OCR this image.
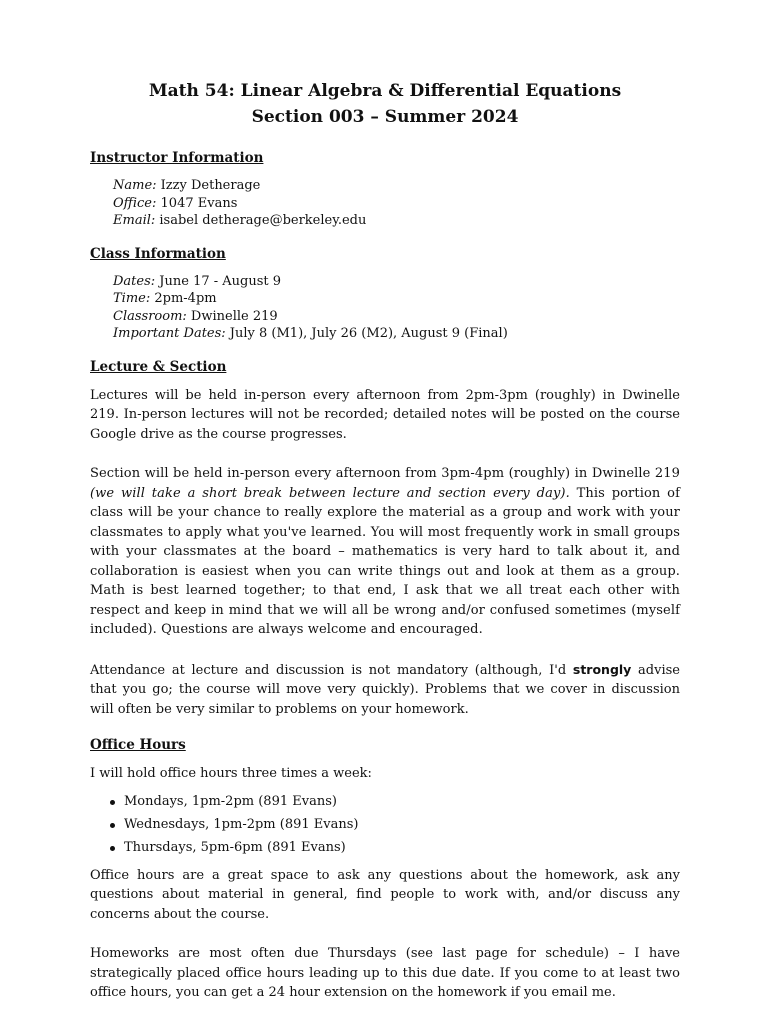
Math 54: Linear Algebra & Differential Equations
Section 003 – Summer 2024
Instructor Information
Name: Izzy Detherage
Office: 1047 Evans
Email: isabel detherage@berkeley.edu
Class Information
Dates: June 17 - August 9
Time: 2pm-4pm
Classroom: Dwinelle 219
Important Dates: July 8 (M1), July 26 (M2), August 9 (Final)
Lecture & Section

Lectures will be held in-person every afternoon from 2pm-3pm (roughly) in Dwinelle 219. In-person lectures will not be recorded; detailed notes will be posted on the course Google drive as the course progresses.

Section will be held in-person every afternoon from 3pm-4pm (roughly) in Dwinelle 219 (we will take a short break between lecture and section every day). This portion of class will be your chance to really explore the material as a group and work with your classmates to apply what you've learned. You will most frequently work in small groups with your classmates at the board – mathematics is very hard to talk about it, and collaboration is easiest when you can write things out and look at them as a group. Math is best learned together; to that end, I ask that we all treat each other with respect and keep in mind that we will all be wrong and/or confused sometimes (myself included). Questions are always welcome and encouraged.

Attendance at lecture and discussion is not mandatory (although, I'd strongly advise that you go; the course will move very quickly). Problems that we cover in discussion will often be very similar to problems on your homework.

Office Hours

I will hold office hours three times a week:

Mondays, 1pm-2pm (891 Evans)
Wednesdays, 1pm-2pm (891 Evans)
Thursdays, 5pm-6pm (891 Evans)

Office hours are a great space to ask any questions about the homework, ask any questions about material in general, find people to work with, and/or discuss any concerns about the course.

Homeworks are most often due Thursdays (see last page for schedule) – I have strategically placed office hours leading up to this due date. If you come to at least two office hours, you can get a 24 hour extension on the homework if you email me.
